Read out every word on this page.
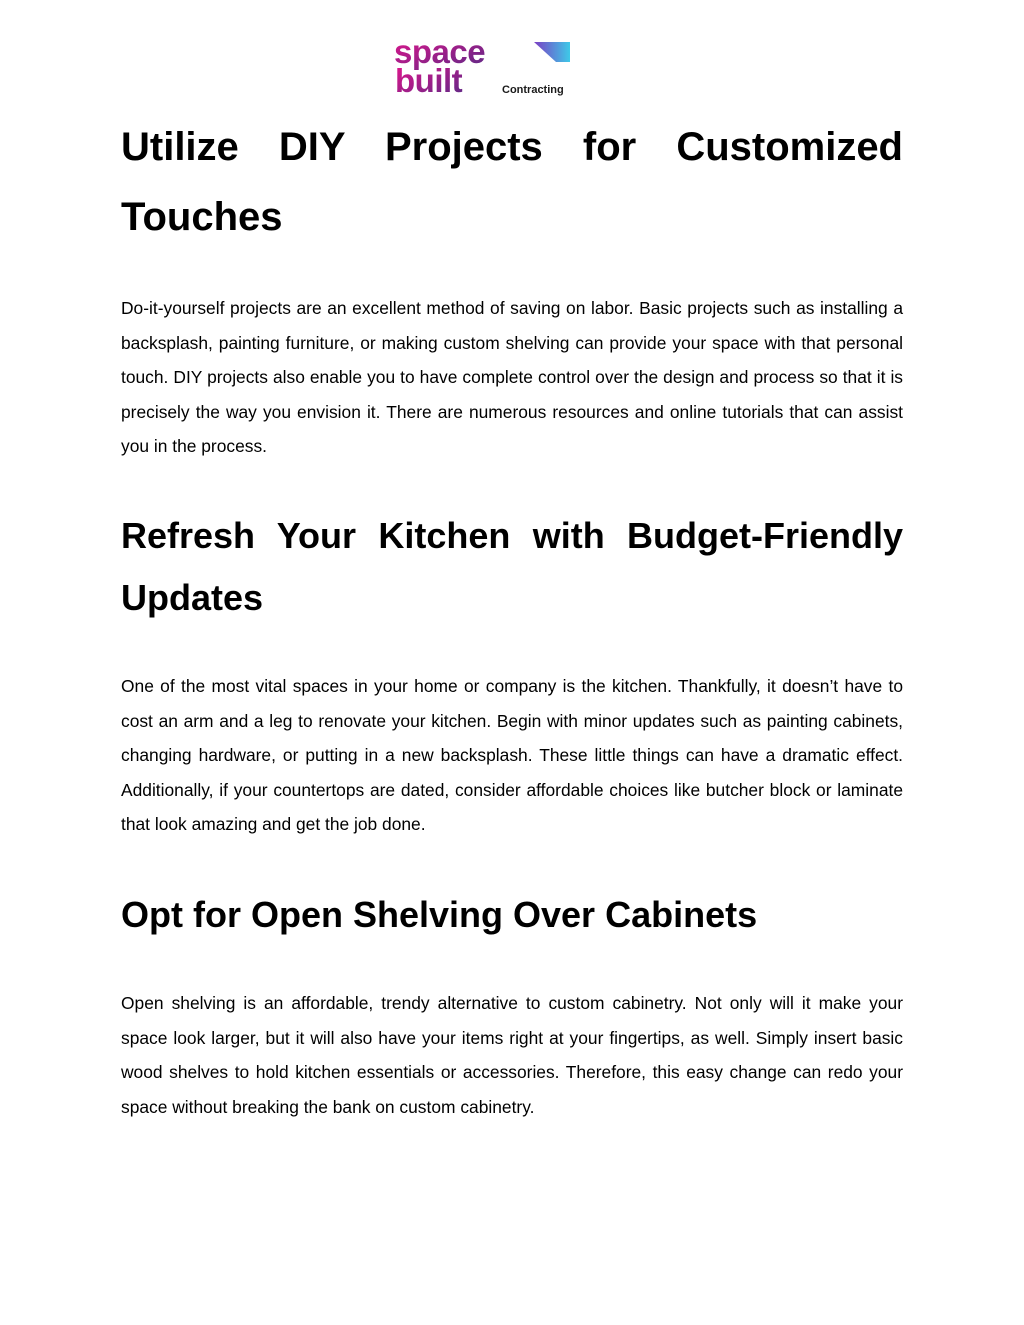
space
built	Contracting
Utilize DIY Projects for Customized Touches

Do-it-yourself projects are an excellent method of saving on labor. Basic projects such as installing a backsplash, painting furniture, or making custom shelving can provide your space with that personal touch. DIY projects also enable you to have complete control over the design and process so that it is precisely the way you envision it. There are numerous resources and online tutorials that can assist you in the process.

Refresh Your Kitchen with Budget-Friendly Updates

One of the most vital spaces in your home or company is the kitchen. Thankfully, it doesn’t have to cost an arm and a leg to renovate your kitchen. Begin with minor updates such as painting cabinets, changing hardware, or putting in a new backsplash. These little things can have a dramatic effect. Additionally, if your countertops are dated, consider affordable choices like butcher block or laminate that look amazing and get the job done.

Opt for Open Shelving Over Cabinets

Open shelving is an affordable, trendy alternative to custom cabinetry. Not only will it make your space look larger, but it will also have your items right at your fingertips, as well. Simply insert basic wood shelves to hold kitchen essentials or accessories. Therefore, this easy change can redo your space without breaking the bank on custom cabinetry.
